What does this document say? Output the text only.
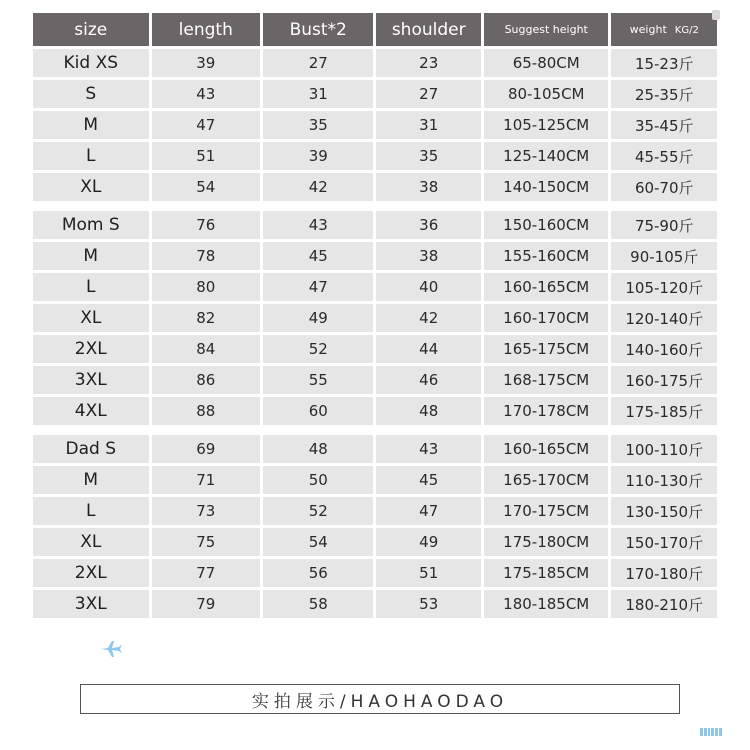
size	length	Bust*2	shoulder	Suggest height	weight KG/2
Kid XS	39	27	23	65-80CM	15-23斤
S	43	31	27	80-105CM	25-35斤
M	47	35	31	105-125CM	35-45斤
L	51	39	35	125-140CM	45-55斤
XL	54	42	38	140-150CM	60-70斤

Mom S	76	43	36	150-160CM	75-90斤
M	78	45	38	155-160CM	90-105斤
L	80	47	40	160-165CM	105-120斤
XL	82	49	42	160-170CM	120-140斤
2XL	84	52	44	165-175CM	140-160斤
3XL	86	55	46	168-175CM	160-175斤
4XL	88	60	48	170-178CM	175-185斤

Dad S	69	48	43	160-165CM	100-110斤
M	71	50	45	165-170CM	110-130斤
L	73	52	47	170-175CM	130-150斤
XL	75	54	49	175-180CM	150-170斤
2XL	77	56	51	175-185CM	170-180斤
3XL	79	58	53	180-185CM	180-210斤
实拍展示/HAOHAODAO
